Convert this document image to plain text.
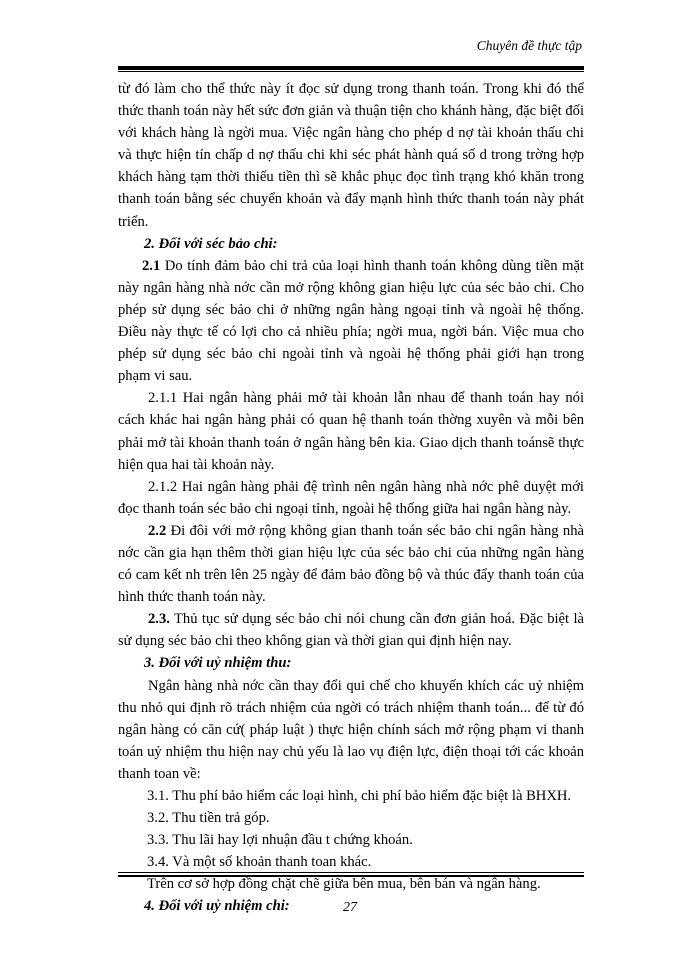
Chuyên đề thực tập

từ đó làm cho thể thức này ít đọc sử dụng trong thanh toán. Trong khi đó thể thức thanh toán này hết sức đơn giản và thuận tiện cho khánh hàng, đặc biệt đối với khách hàng là ngời mua. Việc ngân hàng cho phép d nợ tài khoản thấu chi và thực hiện tín chấp d nợ thấu chi khi séc phát hành quá số d trong trờng hợp khách hàng tạm thời thiếu tiền thì sẽ khắc phục đọc tình trạng khó khăn trong thanh toán bằng séc chuyển khoản và đẩy mạnh hình thức thanh toán này phát triển.

2. Đối với séc bảo chi:

2.1 Do tính đảm bảo chi trả của loại hình thanh toán không dùng tiền mặt này ngân hàng nhà nớc cần mở rộng không gian hiệu lực của séc bảo chi. Cho phép sử dụng séc bảo chi ở những ngân hàng ngoại tỉnh và ngoài hệ thống. Điều này thực tế có lợi cho cả nhiều phía; ngời mua, ngời bán. Việc mua cho phép sử dụng séc bảo chi ngoài tỉnh và ngoài hệ thống phải giới hạn trong phạm vi sau.

2.1.1 Hai ngân hàng phải mở tài khoản lẫn nhau để thanh toán hay nói cách khác hai ngân hàng phải có quan hệ thanh toán thờng xuyên và mỗi bên phải mở tài khoản thanh toán ở ngân hàng bên kia. Giao dịch thanh toánsẽ thực hiện qua hai tài khoản này.

2.1.2 Hai ngân hàng phải đệ trình nên ngân hàng nhà nớc phê duyệt mới đọc thanh toán séc bảo chi ngoại tỉnh, ngoài hệ thống giữa hai ngân hàng này.

2.2 Đi đôi với mở rộng không gian thanh toán séc bảo chi ngân hàng nhà nớc cần gia hạn thêm thời gian hiệu lực của séc bảo chi của những ngân hàng có cam kết nh trên lên 25 ngày để đảm bảo đồng bộ và thúc đẩy thanh toán của hình thức thanh toán này.

2.3. Thủ tục sử dụng séc bảo chi nói chung cần đơn giản hoá. Đặc biệt là sử dụng séc bảo chi theo không gian và thời gian qui định hiện nay.

3. Đối với uỷ nhiệm thu:

Ngân hàng nhà nớc cần thay đổi qui chế cho khuyến khích các uỷ nhiệm thu nhỏ qui định rõ trách nhiệm của ngời có trách nhiệm thanh toán... để từ đó ngân hàng có căn cứ( pháp luật ) thực hiện chính sách mở rộng phạm vi thanh toán uỷ nhiệm thu hiện nay chủ yếu là lao vụ điện lực, điện thoại tới các khoản thanh toan về:

3.1. Thu phí bảo hiểm các loại hình, chi phí bảo hiểm đặc biệt là BHXH.

3.2. Thu tiền trả góp.

3.3. Thu lãi hay lợi nhuận đầu t chứng khoán.

3.4. Và một số khoản thanh toan khác.

Trên cơ sở hợp đồng chặt chẽ giữa bên mua, bên bán và ngân hàng.

4. Đối với uỷ nhiệm chi:	27
